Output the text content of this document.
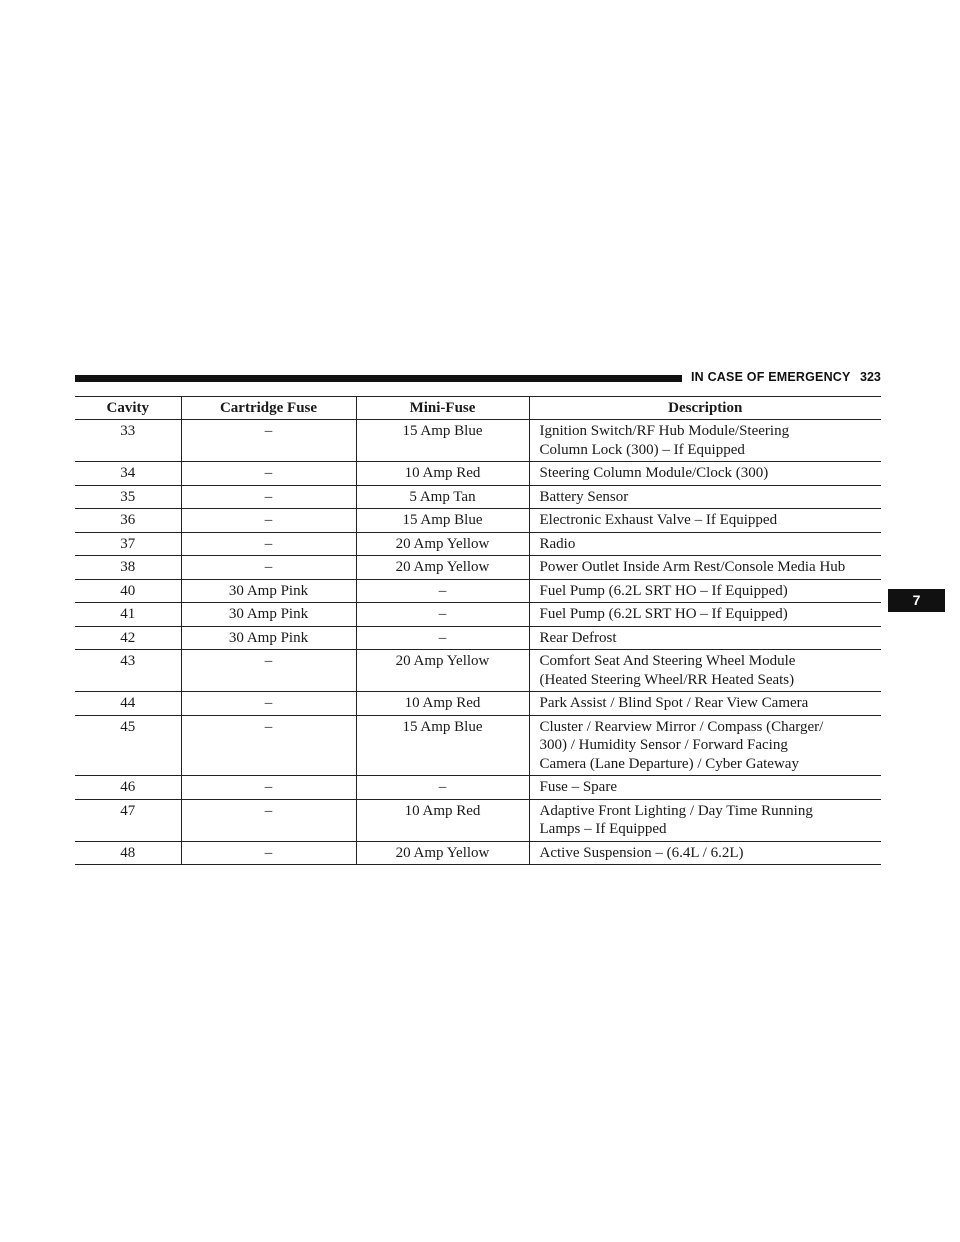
IN CASE OF EMERGENCY 323
7
Cavity	Cartridge Fuse	Mini-Fuse	Description
33	–	15 Amp Blue	Ignition Switch/RF Hub Module/Steering
Column Lock (300) – If Equipped

34	–	10 Amp Red	Steering Column Module/Clock (300)
35	–	5 Amp Tan	Battery Sensor
36	–	15 Amp Blue	Electronic Exhaust Valve – If Equipped
37	–	20 Amp Yellow	Radio
38	–	20 Amp Yellow	Power Outlet Inside Arm Rest/Console Media Hub
40	30 Amp Pink	–	Fuel Pump (6.2L SRT HO – If Equipped)
41	30 Amp Pink	–	Fuel Pump (6.2L SRT HO – If Equipped)
42	30 Amp Pink	–	Rear Defrost
43	–	20 Amp Yellow	Comfort Seat And Steering Wheel Module
(Heated Steering Wheel/RR Heated Seats)

44	–	10 Amp Red	Park Assist / Blind Spot / Rear View Camera
45	–	15 Amp Blue	Cluster / Rearview Mirror / Compass (Charger/
300) / Humidity Sensor / Forward Facing
Camera (Lane Departure) / Cyber Gateway

46	–	–	Fuse – Spare
47	–	10 Amp Red	Adaptive Front Lighting / Day Time Running
Lamps – If Equipped

48	–	20 Amp Yellow	Active Suspension – (6.4L / 6.2L)
